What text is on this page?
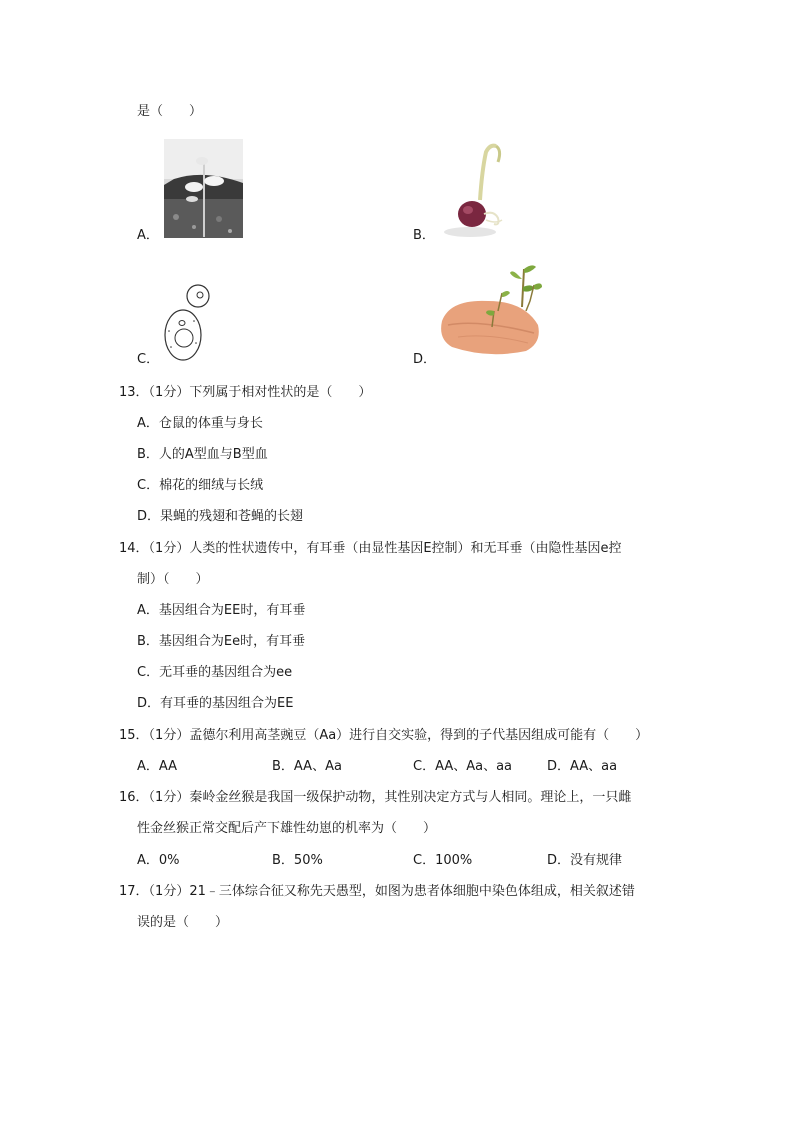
是（　　）
A．	B．
C．	D．
13．（1分）下列属于相对性状的是（　　）
A．仓鼠的体重与身长
B．人的A型血与B型血
C．棉花的细绒与长绒
D．果蝇的残翅和苍蝇的长翅
14．（1分）人类的性状遗传中，有耳垂（由显性基因E控制）和无耳垂（由隐性基因e控
制）（　　）
A．基因组合为EE时，有耳垂
B．基因组合为Ee时，有耳垂
C．无耳垂的基因组合为ee
D．有耳垂的基因组合为EE
15．（1分）孟德尔利用高茎豌豆（Aa）进行自交实验，得到的子代基因组成可能有（　　）
A．AA	B．AA、Aa	C．AA、Aa、aa	D．AA、aa
16．（1分）秦岭金丝猴是我国一级保护动物，其性别决定方式与人相同。理论上，一只雌
性金丝猴正常交配后产下雄性幼崽的机率为（　　）
A．0%	B．50%	C．100%	D．没有规律
17．（1分）21﹣三体综合征又称先天愚型，如图为患者体细胞中染色体组成，相关叙述错
误的是（　　）
